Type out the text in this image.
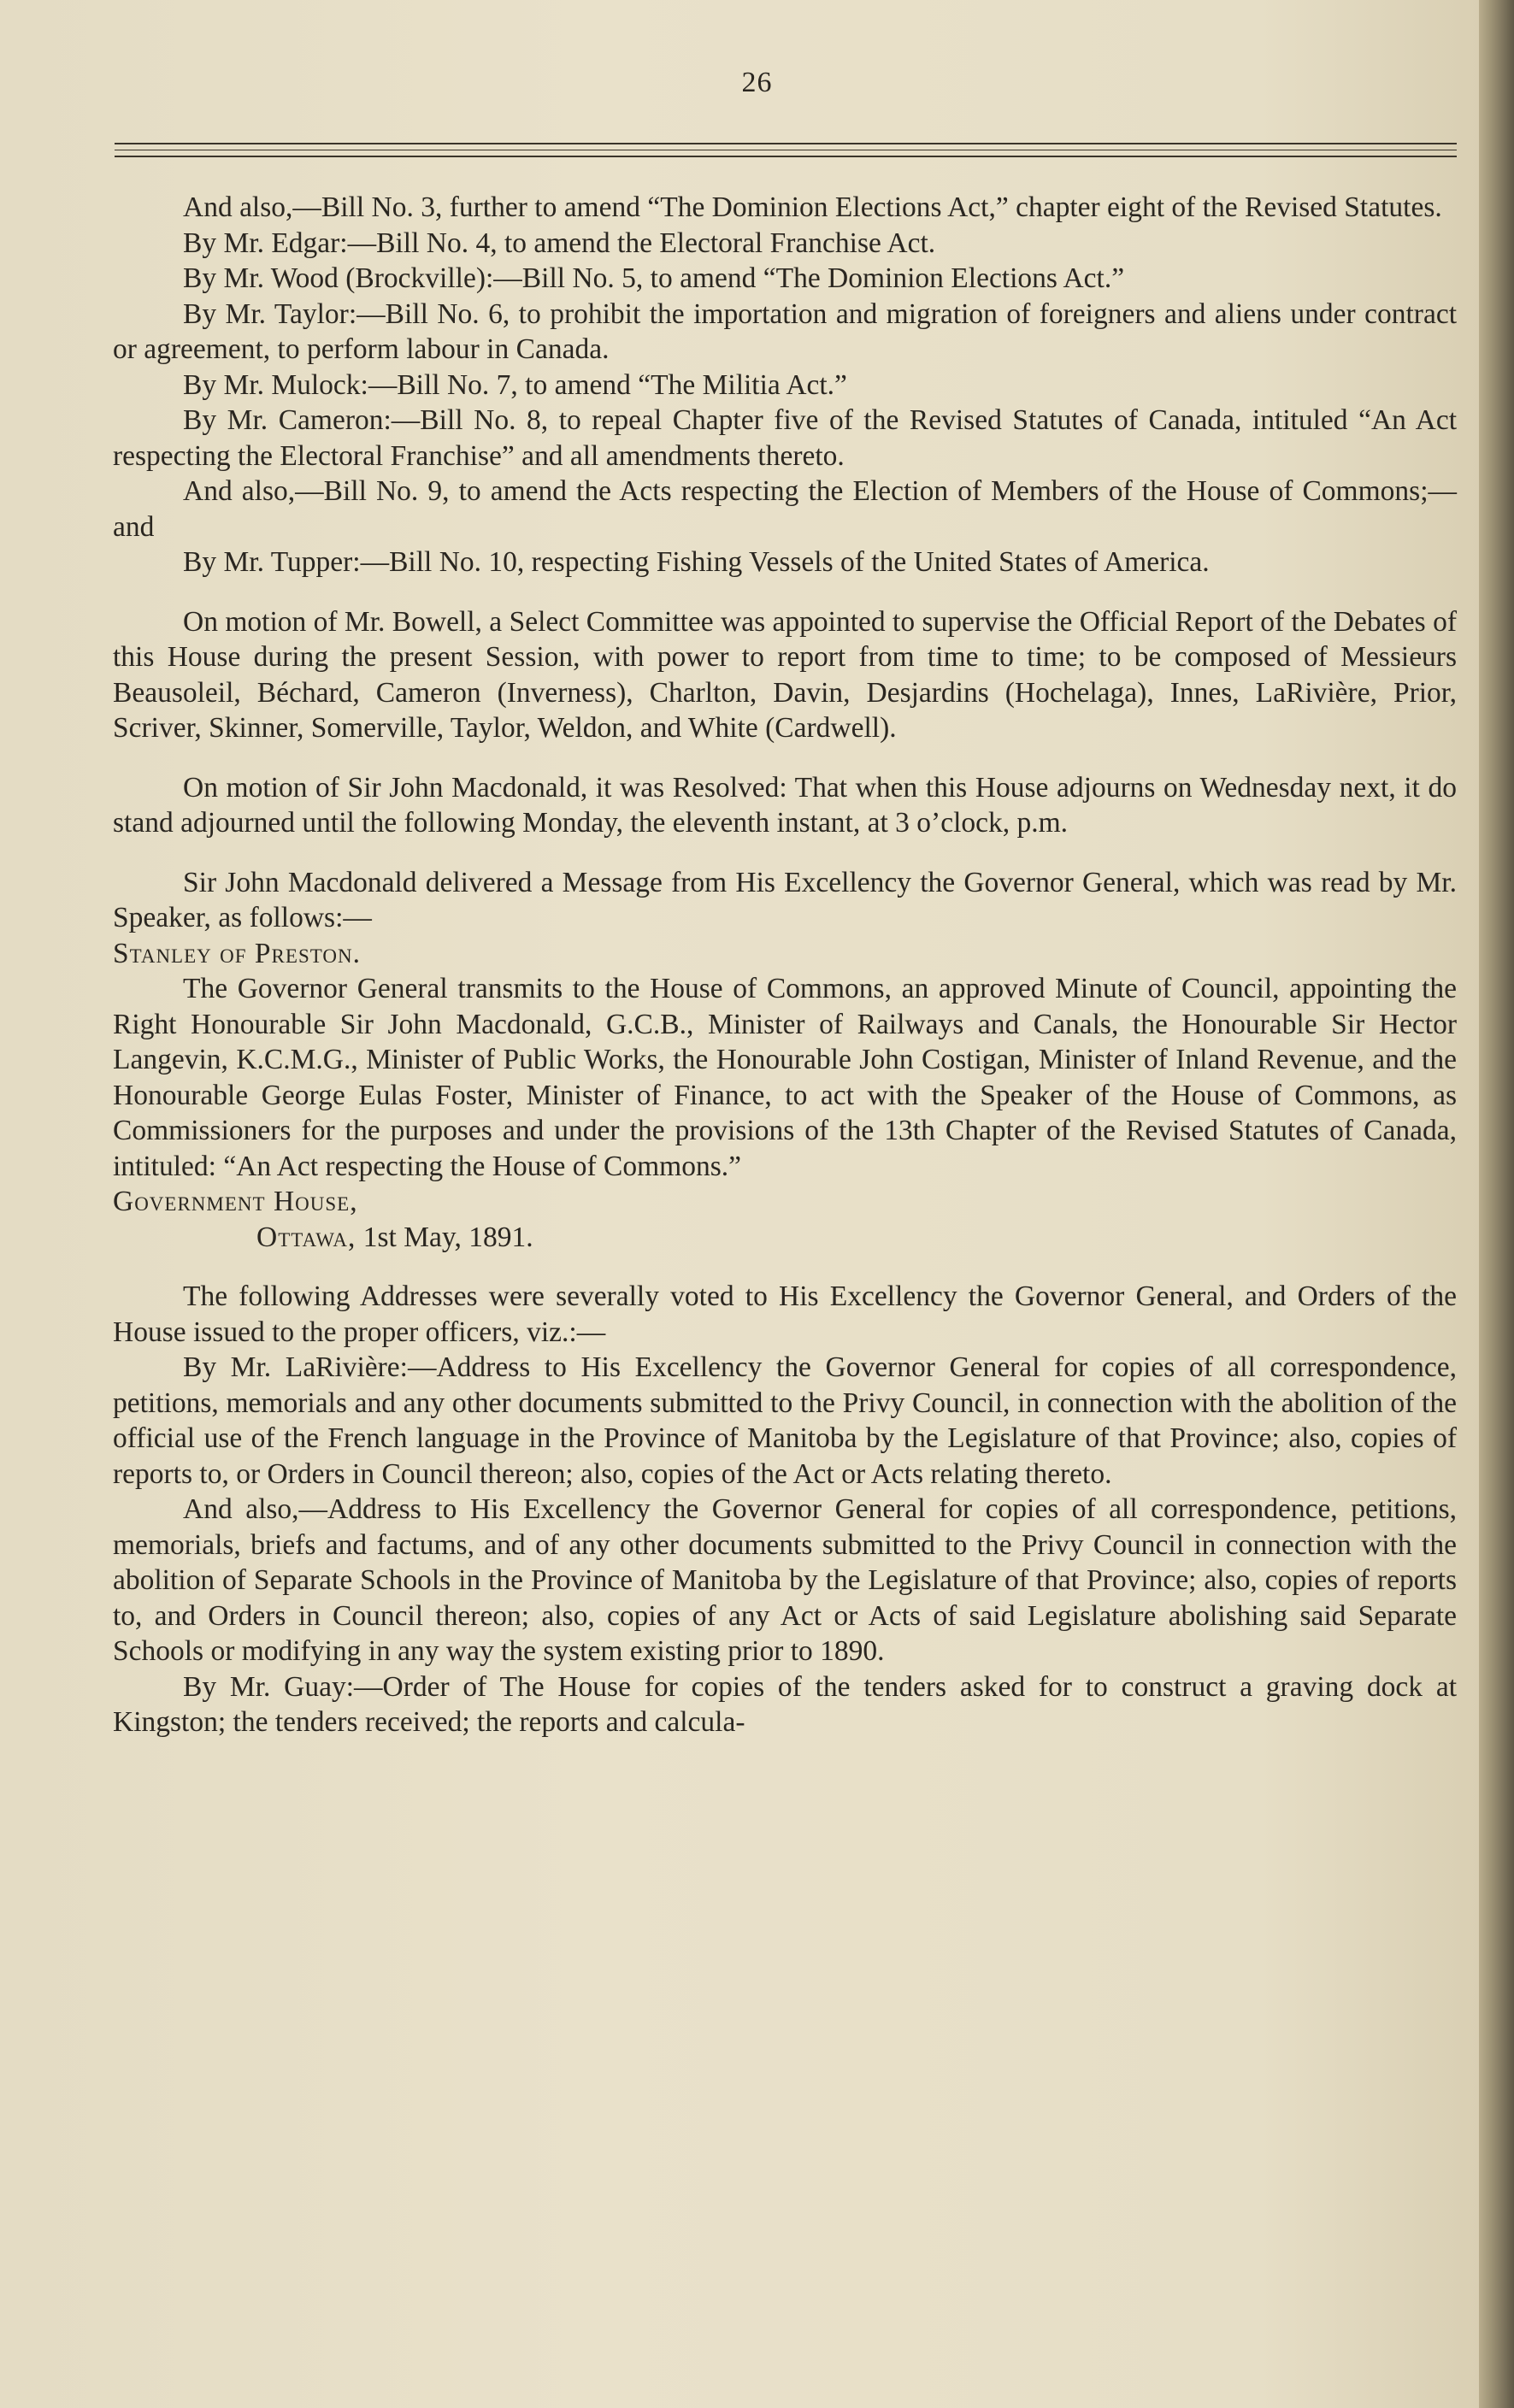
26

And also,—Bill No. 3, further to amend “The Dominion Elections Act,” chapter eight of the Revised Statutes.

By Mr. Edgar:—Bill No. 4, to amend the Electoral Franchise Act.

By Mr. Wood (Brockville):—Bill No. 5, to amend “The Dominion Elections Act.”

By Mr. Taylor:—Bill No. 6, to prohibit the importation and migration of foreigners and aliens under contract or agreement, to perform labour in Canada.

By Mr. Mulock:—Bill No. 7, to amend “The Militia Act.”

By Mr. Cameron:—Bill No. 8, to repeal Chapter five of the Revised Statutes of Canada, intituled “An Act respecting the Electoral Franchise” and all amendments thereto.

And also,—Bill No. 9, to amend the Acts respecting the Election of Members of the House of Commons;—and

By Mr. Tupper:—Bill No. 10, respecting Fishing Vessels of the United States of America.

On motion of Mr. Bowell, a Select Committee was appointed to supervise the Official Report of the Debates of this House during the present Session, with power to report from time to time; to be composed of Messieurs Beausoleil, Béchard, Cameron (Inverness), Charlton, Davin, Desjardins (Hochelaga), Innes, LaRivière, Prior, Scriver, Skinner, Somerville, Taylor, Weldon, and White (Cardwell).

On motion of Sir John Macdonald, it was Resolved: That when this House adjourns on Wednesday next, it do stand adjourned until the following Monday, the eleventh instant, at 3 o’clock, p.m.

Sir John Macdonald delivered a Message from His Excellency the Governor General, which was read by Mr. Speaker, as follows:—

Stanley of Preston.

The Governor General transmits to the House of Commons, an approved Minute of Council, appointing the Right Honourable Sir John Macdonald, G.C.B., Minister of Railways and Canals, the Honourable Sir Hector Langevin, K.C.M.G., Minister of Public Works, the Honourable John Costigan, Minister of Inland Revenue, and the Honourable George Eulas Foster, Minister of Finance, to act with the Speaker of the House of Commons, as Commissioners for the purposes and under the provisions of the 13th Chapter of the Revised Statutes of Canada, intituled: “An Act respecting the House of Commons.”

Government House,

Ottawa, 1st May, 1891.

The following Addresses were severally voted to His Excellency the Governor General, and Orders of the House issued to the proper officers, viz.:—

By Mr. LaRivière:—Address to His Excellency the Governor General for copies of all correspondence, petitions, memorials and any other documents submitted to the Privy Council, in connection with the abolition of the official use of the French language in the Province of Manitoba by the Legislature of that Province; also, copies of reports to, or Orders in Council thereon; also, copies of the Act or Acts relating thereto.

And also,—Address to His Excellency the Governor General for copies of all correspondence, petitions, memorials, briefs and factums, and of any other documents submitted to the Privy Council in connection with the abolition of Separate Schools in the Province of Manitoba by the Legislature of that Province; also, copies of reports to, and Orders in Council thereon; also, copies of any Act or Acts of said Legislature abolishing said Separate Schools or modifying in any way the system existing prior to 1890.

By Mr. Guay:—Order of The House for copies of the tenders asked for to construct a graving dock at Kingston; the tenders received; the reports and calcula-
